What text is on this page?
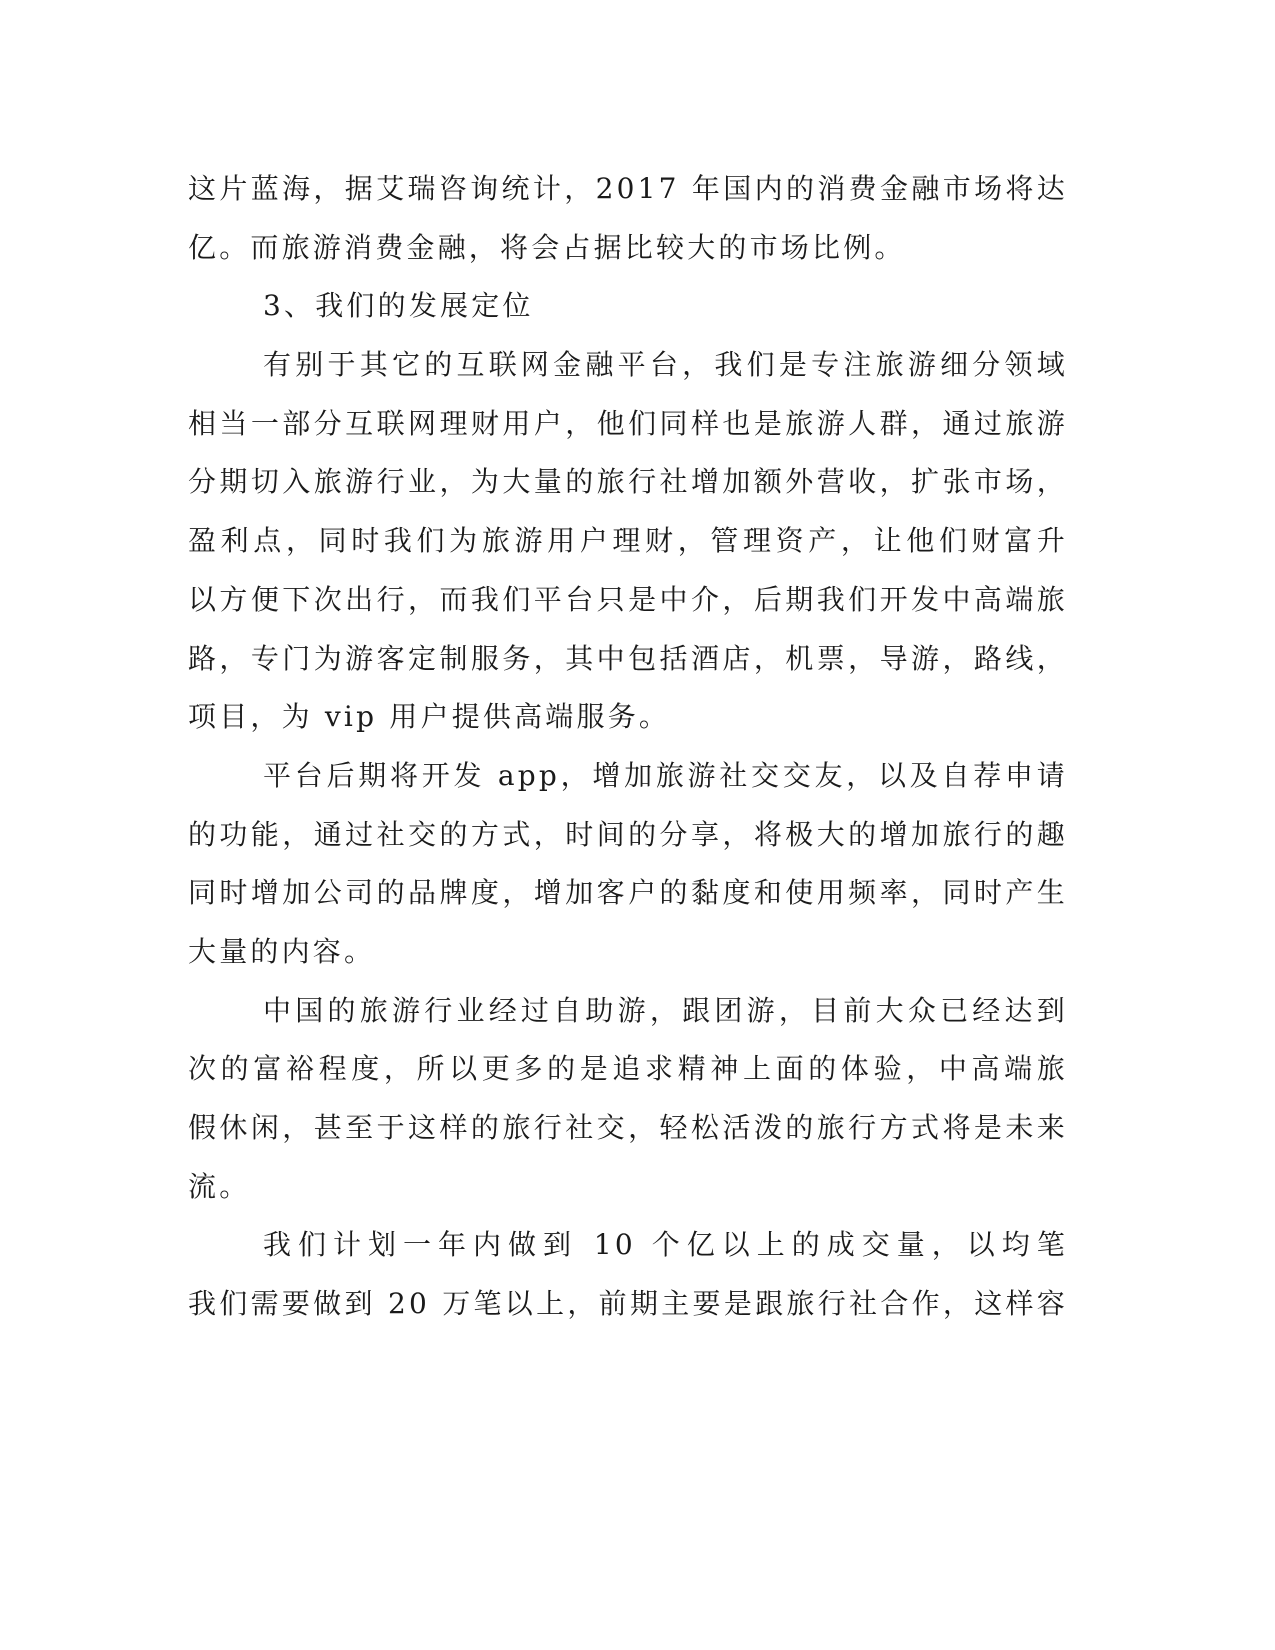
这片蓝海，据艾瑞咨询统计，2017 年国内的消费金融市场将达
亿。而旅游消费金融，将会占据比较大的市场比例。
3、我们的发展定位
有别于其它的互联网金融平台，我们是专注旅游细分领域
相当一部分互联网理财用户，他们同样也是旅游人群，通过旅游
分期切入旅游行业，为大量的旅行社增加额外营收，扩张市场，
盈利点，同时我们为旅游用户理财，管理资产，让他们财富升
以方便下次出行，而我们平台只是中介，后期我们开发中高端旅
路，专门为游客定制服务，其中包括酒店，机票，导游，路线，
项目，为 vip 用户提供高端服务。
平台后期将开发 app，增加旅游社交交友，以及自荐申请
的功能，通过社交的方式，时间的分享，将极大的增加旅行的趣
同时增加公司的品牌度，增加客户的黏度和使用频率，同时产生
大量的内容。
中国的旅游行业经过自助游，跟团游，目前大众已经达到
次的富裕程度，所以更多的是追求精神上面的体验，中高端旅
假休闲，甚至于这样的旅行社交，轻松活泼的旅行方式将是未来
流。
我们计划一年内做到 10 个亿以上的成交量，以均笔
我们需要做到 20 万笔以上，前期主要是跟旅行社合作，这样容
